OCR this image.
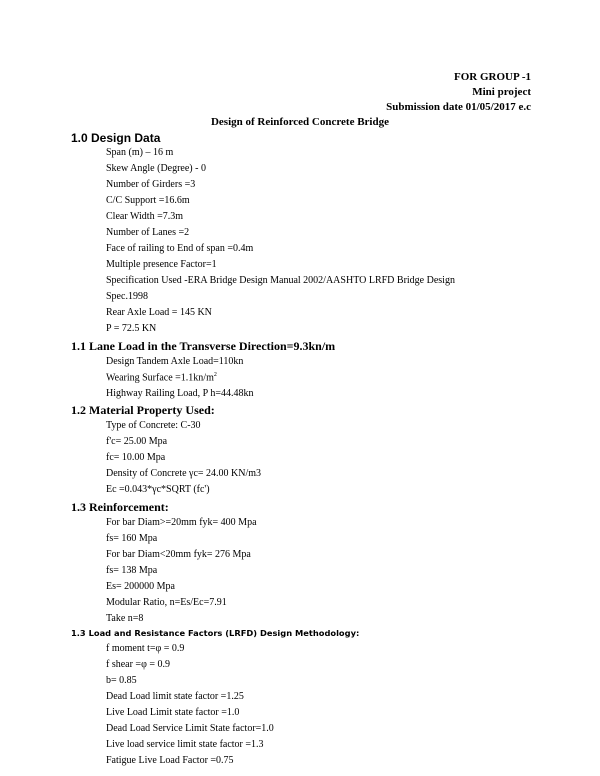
FOR GROUP -1
Mini project
Submission date 01/05/2017 e.c
Design of Reinforced Concrete Bridge
1.0 Design Data
Span (m) – 16 m
Skew Angle (Degree) - 0
Number of Girders =3
C/C Support =16.6m
Clear Width =7.3m
Number of Lanes =2
Face of railing to End of span =0.4m
Multiple presence Factor=1
Specification Used -ERA Bridge Design Manual 2002/AASHTO LRFD Bridge Design
Spec.1998
Rear Axle Load = 145 KN
P = 72.5 KN
1.1 Lane Load in the Transverse Direction=9.3kn/m
Design Tandem Axle Load=110kn
Wearing Surface $=1.1kn/m^2$
Highway Railing Load, P h=44.48kn
1.2 Material Property Used:
Type of Concrete: C-30
f'c= 25.00 Mpa
fc= 10.00 Mpa
Density of Concrete γc= 24.00 KN/m3
Ec =0.043*γc*SQRT (fc')
1.3 Reinforcement:
For bar Diam>=20mm fyk= 400 Mpa
fs= 160 Mpa
For bar Diam<20mm fyk= 276 Mpa
fs= 138 Mpa
Es= 200000 Mpa
Modular Ratio, n=Es/Ec=7.91
Take n=8
1.3 Load and Resistance Factors (LRFD) Design Methodology:
f moment t=φ = 0.9
f shear =φ = 0.9
b= 0.85
Dead Load limit state factor =1.25
Live Load Limit state factor =1.0
Dead Load Service Limit State factor=1.0
Live load service limit state factor =1.3
Fatigue Live Load Factor =0.75
